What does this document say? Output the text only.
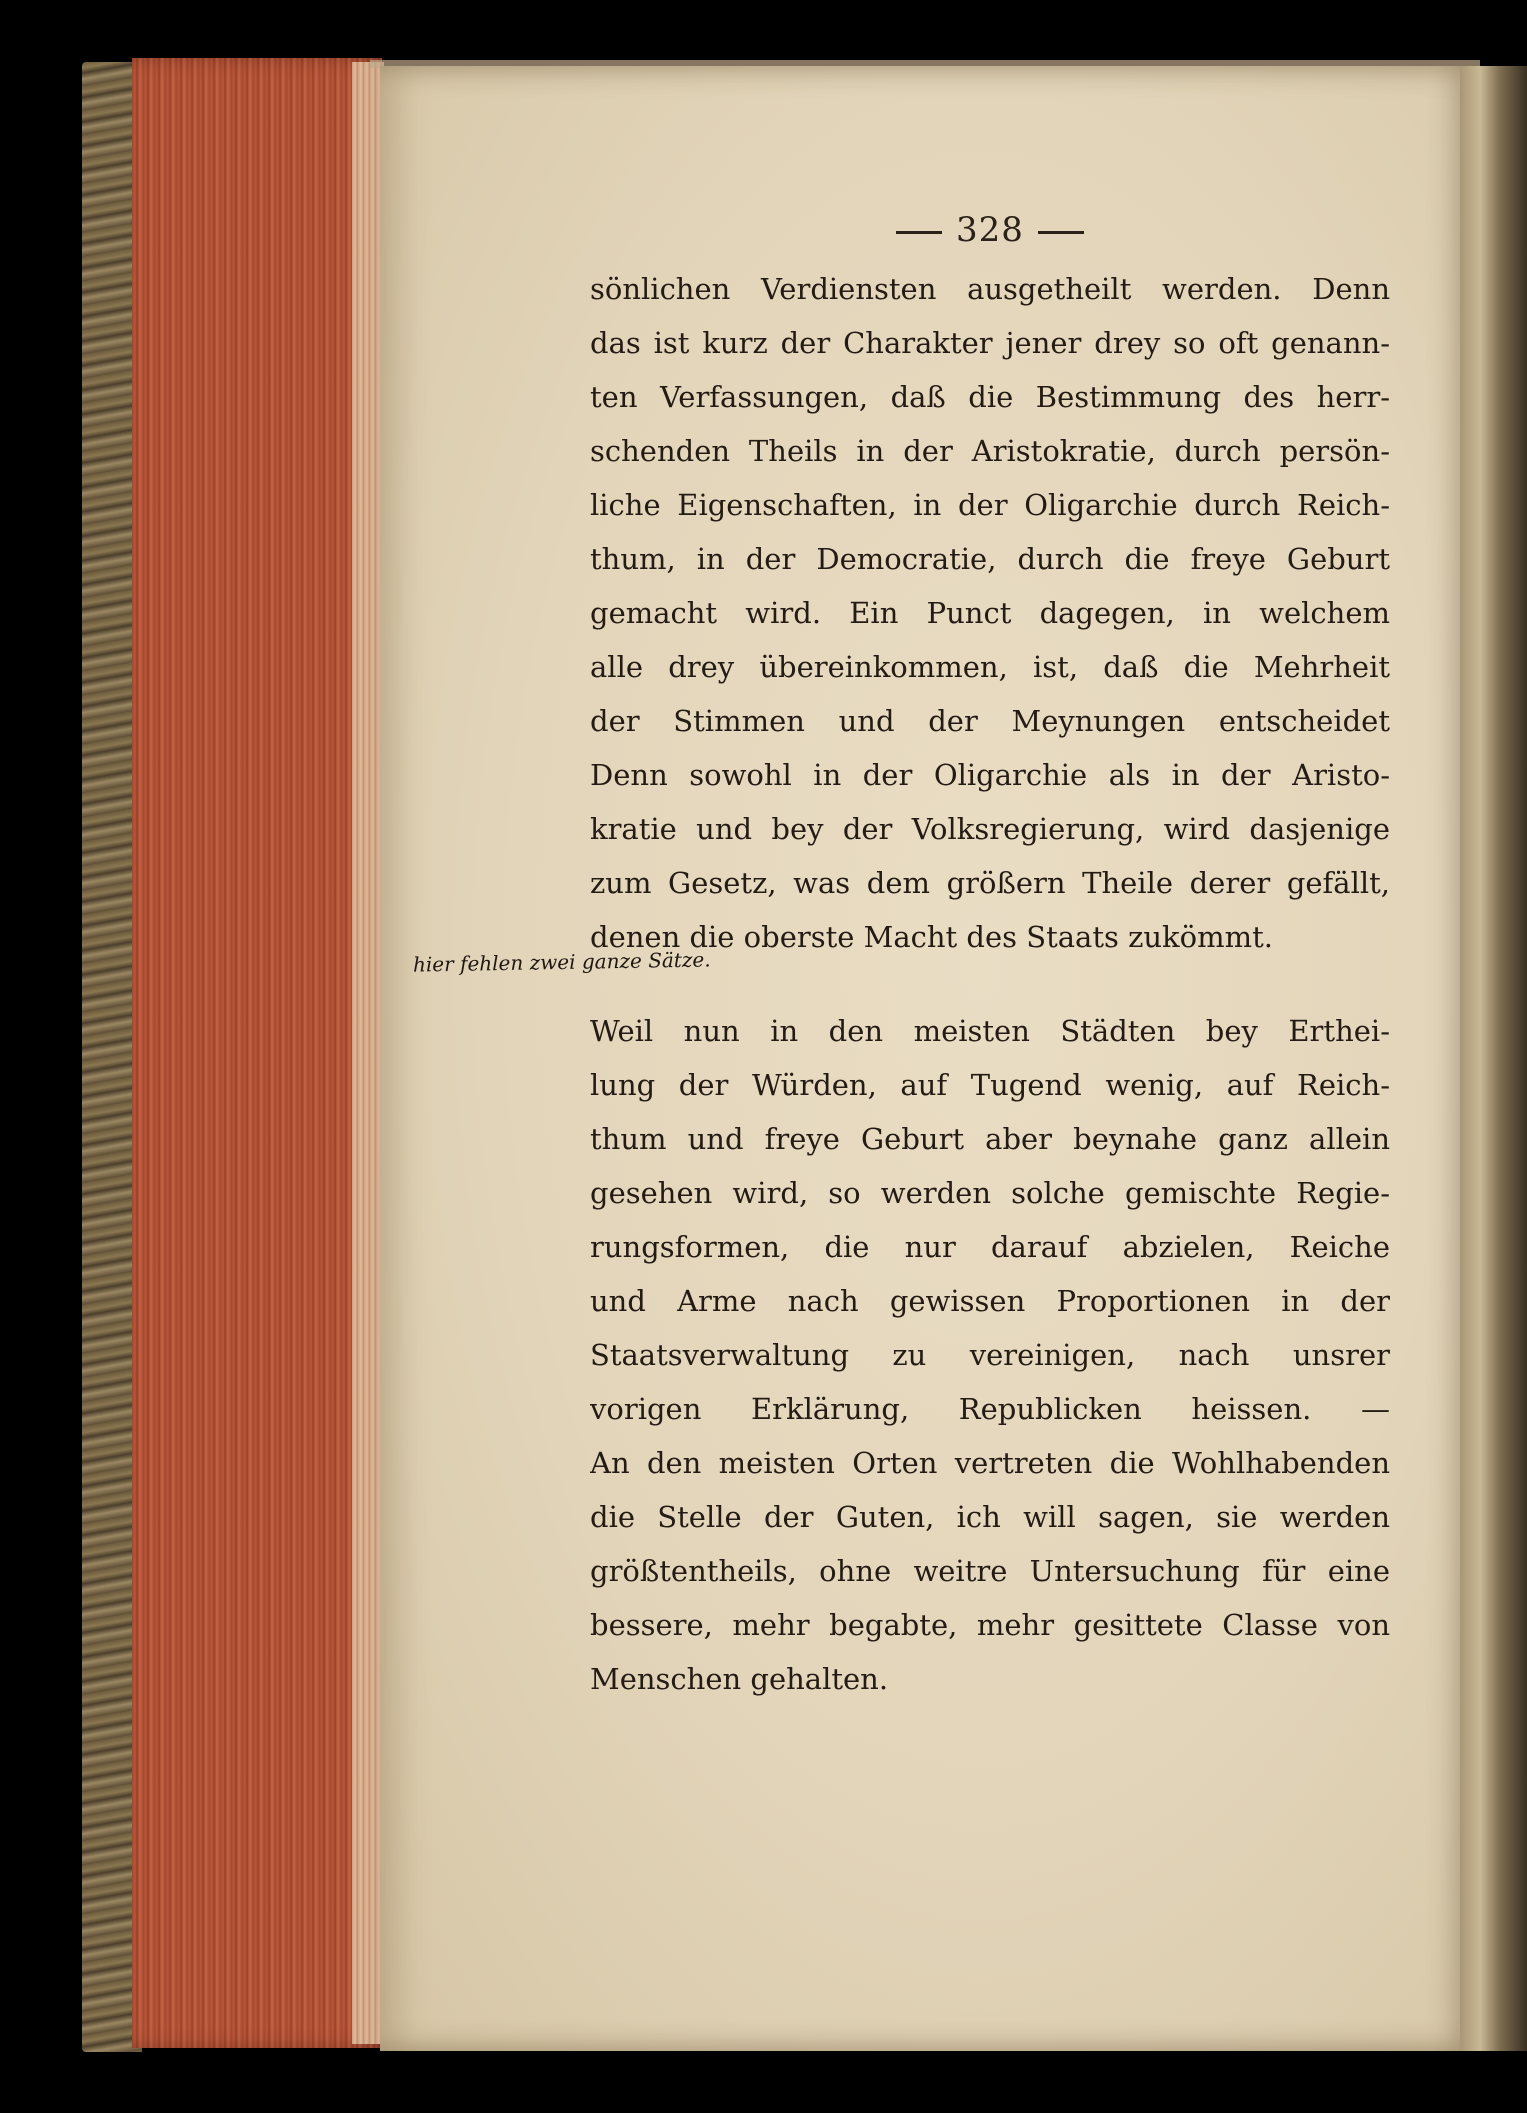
328
sönlichen Verdiensten ausgetheilt werden. Denn
das ist kurz der Charakter jener drey so oft genann-
ten Verfassungen, daß die Bestimmung des herr-
schenden Theils in der Aristokratie, durch persön-
liche Eigenschaften, in der Oligarchie durch Reich-
thum, in der Democratie, durch die freye Geburt
gemacht wird. Ein Punct dagegen, in welchem
alle drey übereinkommen, ist, daß die Mehrheit
der Stimmen und der Meynungen entscheidet
Denn sowohl in der Oligarchie als in der Aristo-
kratie und bey der Volksregierung, wird dasjenige
zum Gesetz, was dem größern Theile derer gefällt,
denen die oberste Macht des Staats zukömmt.
Weil nun in den meisten Städten bey Erthei-
lung der Würden, auf Tugend wenig, auf Reich-
thum und freye Geburt aber beynahe ganz allein
gesehen wird, so werden solche gemischte Regie-
rungsformen, die nur darauf abzielen, Reiche
und Arme nach gewissen Proportionen in der
Staatsverwaltung zu vereinigen, nach unsrer
vorigen Erklärung, Republicken heissen. —
An den meisten Orten vertreten die Wohlhabenden
die Stelle der Guten, ich will sagen, sie werden
größtentheils, ohne weitre Untersuchung für eine
bessere, mehr begabte, mehr gesittete Classe von
Menschen gehalten.
hier fehlen zwei ganze Sätze.
